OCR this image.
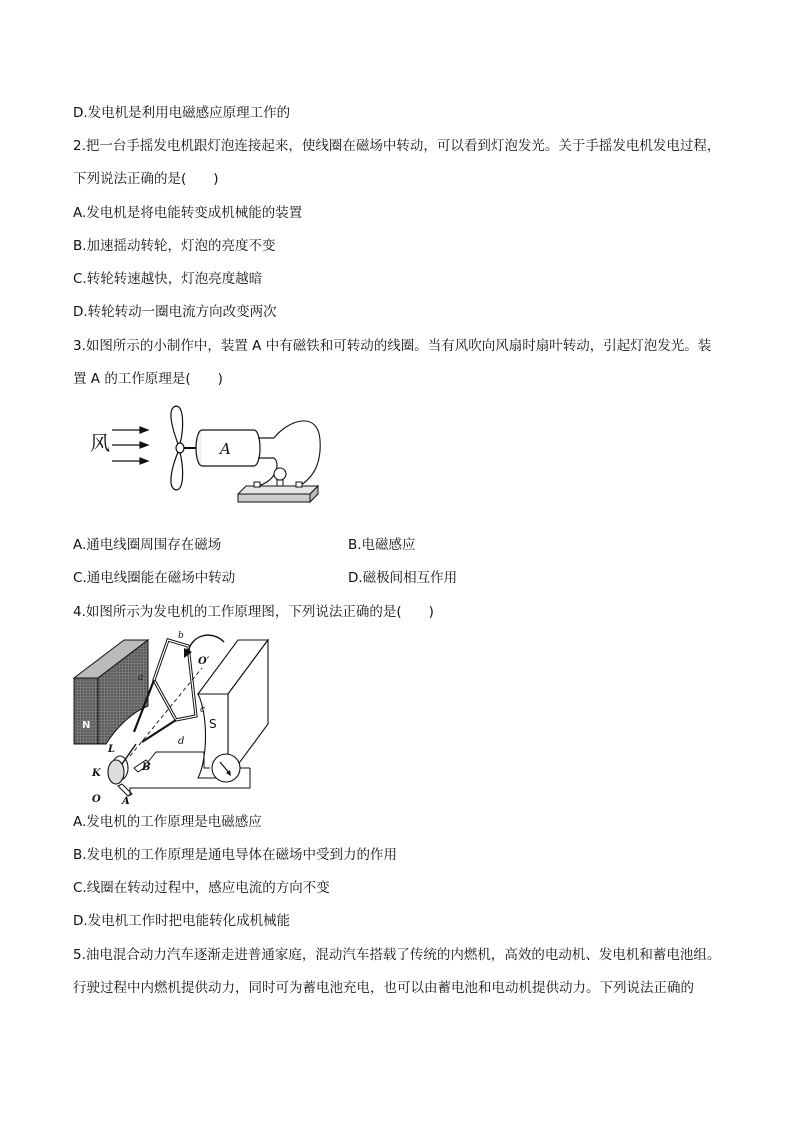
D.发电机是利用电磁感应原理工作的
2.把一台手摇发电机跟灯泡连接起来，使线圈在磁场中转动，可以看到灯泡发光。关于手摇发电机发电过程，
下列说法正确的是(　　)
A.发电机是将电能转变成机械能的装置
B.加速摇动转轮，灯泡的亮度不变
C.转轮转速越快，灯泡亮度越暗
D.转轮转动一圈电流方向改变两次
3.如图所示的小制作中，装置 A 中有磁铁和可转动的线圈。当有风吹向风扇时扇叶转动，引起灯泡发光。装
置 A 的工作原理是(　　)
风	A
A.通电线圈周围存在磁场	B.电磁感应
C.通电线圈能在磁场中转动	D.磁极间相互作用
4.如图所示为发电机的工作原理图，下列说法正确的是(　　)
N	S
b
O′
a
c
d
L
K
B
O A
A.发电机的工作原理是电磁感应
B.发电机的工作原理是通电导体在磁场中受到力的作用
C.线圈在转动过程中，感应电流的方向不变
D.发电机工作时把电能转化成机械能
5.油电混合动力汽车逐渐走进普通家庭，混动汽车搭载了传统的内燃机，高效的电动机、发电机和蓄电池组。
行驶过程中内燃机提供动力，同时可为蓄电池充电，也可以由蓄电池和电动机提供动力。下列说法正确的
